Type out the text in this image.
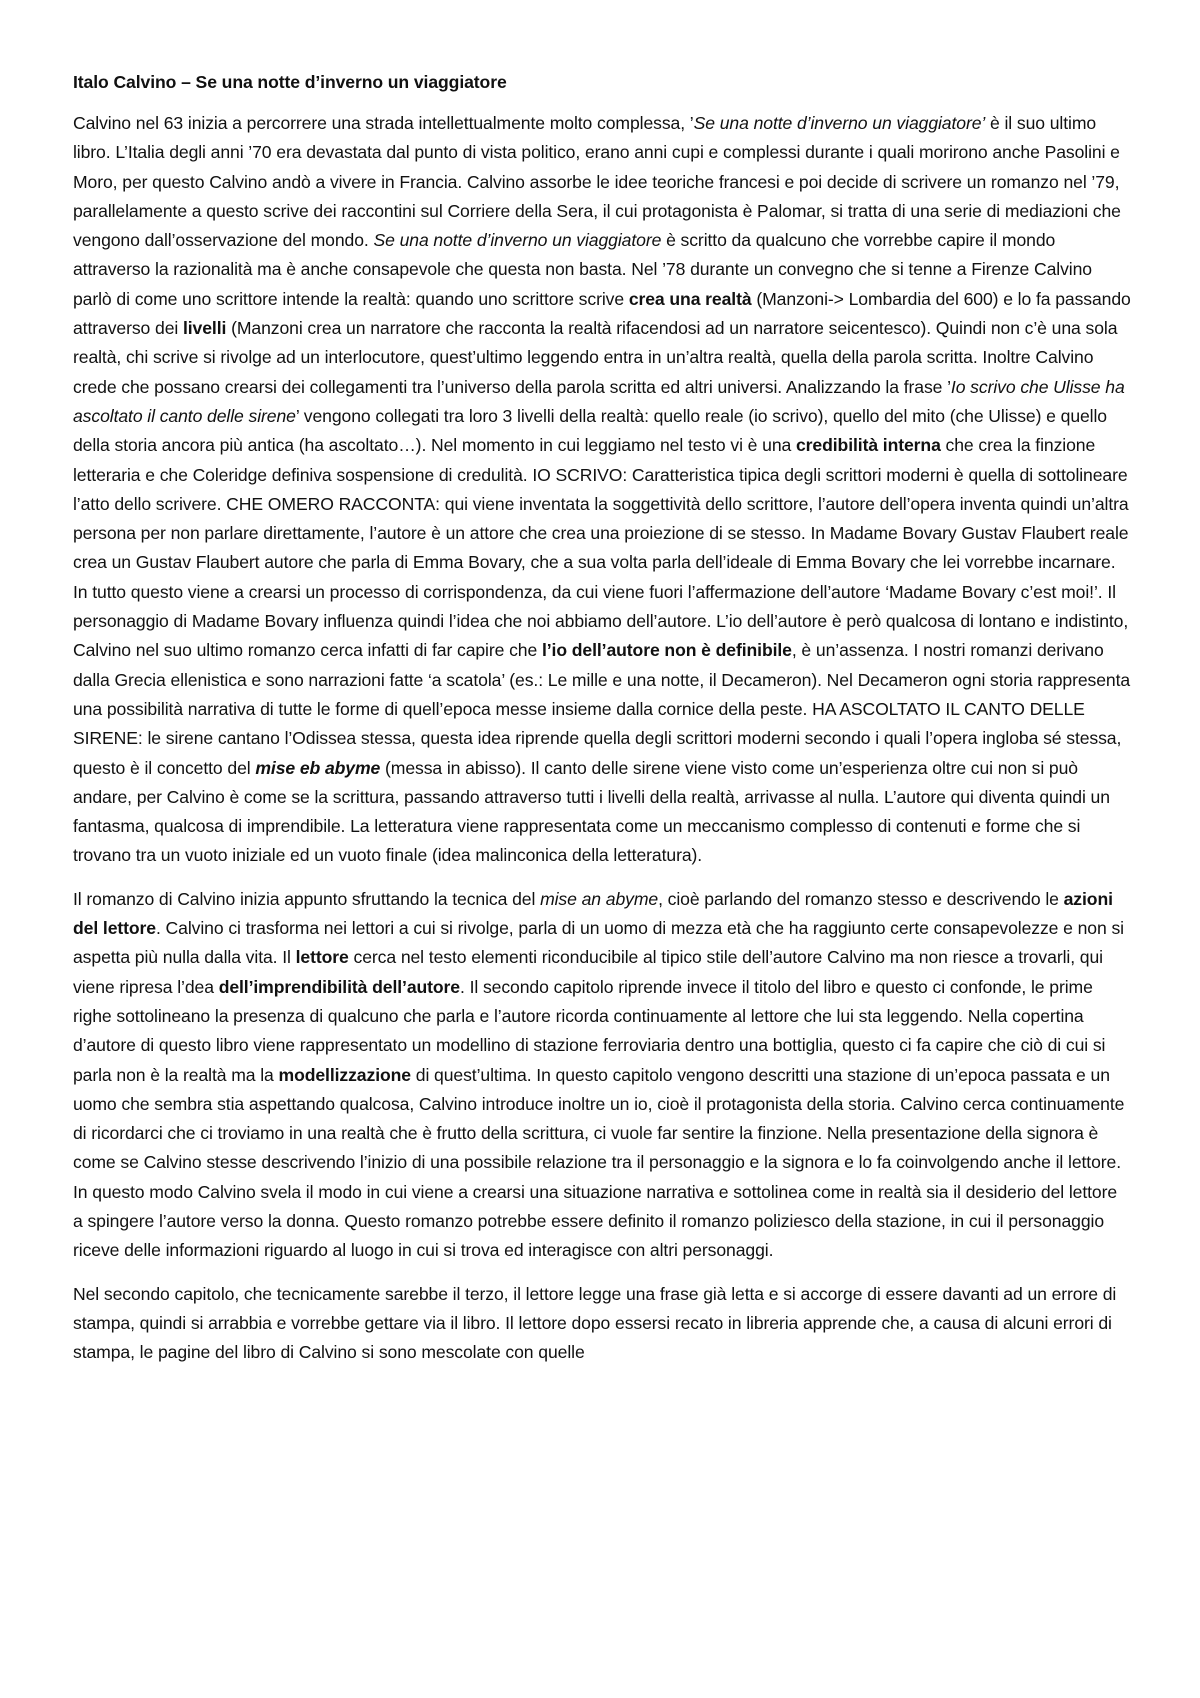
Italo Calvino – Se una notte d’inverno un viaggiatore

Calvino nel 63 inizia a percorrere una strada intellettualmente molto complessa, ’Se una notte d’inverno un viaggiatore’ è il suo ultimo libro. L’Italia degli anni ’70 era devastata dal punto di vista politico, erano anni cupi e complessi durante i quali morirono anche Pasolini e Moro, per questo Calvino andò a vivere in Francia. Calvino assorbe le idee teoriche francesi e poi decide di scrivere un romanzo nel ’79, parallelamente a questo scrive dei raccontini sul Corriere della Sera, il cui protagonista è Palomar, si tratta di una serie di mediazioni che vengono dall’osservazione del mondo. Se una notte d’inverno un viaggiatore è scritto da qualcuno che vorrebbe capire il mondo attraverso la razionalità ma è anche consapevole che questa non basta. Nel ’78 durante un convegno che si tenne a Firenze Calvino parlò di come uno scrittore intende la realtà: quando uno scrittore scrive crea una realtà (Manzoni-> Lombardia del 600) e lo fa passando attraverso dei livelli (Manzoni crea un narratore che racconta la realtà rifacendosi ad un narratore seicentesco). Quindi non c’è una sola realtà, chi scrive si rivolge ad un interlocutore, quest’ultimo leggendo entra in un’altra realtà, quella della parola scritta. Inoltre Calvino crede che possano crearsi dei collegamenti tra l’universo della parola scritta ed altri universi. Analizzando la frase ’Io scrivo che Ulisse ha ascoltato il canto delle sirene’ vengono collegati tra loro 3 livelli della realtà: quello reale (io scrivo), quello del mito (che Ulisse) e quello della storia ancora più antica (ha ascoltato…). Nel momento in cui leggiamo nel testo vi è una credibilità interna che crea la finzione letteraria e che Coleridge definiva sospensione di credulità. IO SCRIVO: Caratteristica tipica degli scrittori moderni è quella di sottolineare l’atto dello scrivere. CHE OMERO RACCONTA: qui viene inventata la soggettività dello scrittore, l’autore dell’opera inventa quindi un’altra persona per non parlare direttamente, l’autore è un attore che crea una proiezione di se stesso. In Madame Bovary Gustav Flaubert reale crea un Gustav Flaubert autore che parla di Emma Bovary, che a sua volta parla dell’ideale di Emma Bovary che lei vorrebbe incarnare. In tutto questo viene a crearsi un processo di corrispondenza, da cui viene fuori l’affermazione dell’autore ‘Madame Bovary c’est moi!’. Il personaggio di Madame Bovary influenza quindi l’idea che noi abbiamo dell’autore. L’io dell’autore è però qualcosa di lontano e indistinto, Calvino nel suo ultimo romanzo cerca infatti di far capire che l’io dell’autore non è definibile, è un’assenza. I nostri romanzi derivano dalla Grecia ellenistica e sono narrazioni fatte ‘a scatola’ (es.: Le mille e una notte, il Decameron). Nel Decameron ogni storia rappresenta una possibilità narrativa di tutte le forme di quell’epoca messe insieme dalla cornice della peste. HA ASCOLTATO IL CANTO DELLE SIRENE: le sirene cantano l’Odissea stessa, questa idea riprende quella degli scrittori moderni secondo i quali l’opera ingloba sé stessa, questo è il concetto del mise eb abyme (messa in abisso). Il canto delle sirene viene visto come un’esperienza oltre cui non si può andare, per Calvino è come se la scrittura, passando attraverso tutti i livelli della realtà, arrivasse al nulla. L’autore qui diventa quindi un fantasma, qualcosa di imprendibile. La letteratura viene rappresentata come un meccanismo complesso di contenuti e forme che si trovano tra un vuoto iniziale ed un vuoto finale (idea malinconica della letteratura).

Il romanzo di Calvino inizia appunto sfruttando la tecnica del mise an abyme, cioè parlando del romanzo stesso e descrivendo le azioni del lettore. Calvino ci trasforma nei lettori a cui si rivolge, parla di un uomo di mezza età che ha raggiunto certe consapevolezze e non si aspetta più nulla dalla vita. Il lettore cerca nel testo elementi riconducibile al tipico stile dell’autore Calvino ma non riesce a trovarli, qui viene ripresa l’dea dell’imprendibilità dell’autore. Il secondo capitolo riprende invece il titolo del libro e questo ci confonde, le prime righe sottolineano la presenza di qualcuno che parla e l’autore ricorda continuamente al lettore che lui sta leggendo. Nella copertina d’autore di questo libro viene rappresentato un modellino di stazione ferroviaria dentro una bottiglia, questo ci fa capire che ciò di cui si parla non è la realtà ma la modellizzazione di quest’ultima. In questo capitolo vengono descritti una stazione di un’epoca passata e un uomo che sembra stia aspettando qualcosa, Calvino introduce inoltre un io, cioè il protagonista della storia. Calvino cerca continuamente di ricordarci che ci troviamo in una realtà che è frutto della scrittura, ci vuole far sentire la finzione. Nella presentazione della signora è come se Calvino stesse descrivendo l’inizio di una possibile relazione tra il personaggio e la signora e lo fa coinvolgendo anche il lettore. In questo modo Calvino svela il modo in cui viene a crearsi una situazione narrativa e sottolinea come in realtà sia il desiderio del lettore a spingere l’autore verso la donna. Questo romanzo potrebbe essere definito il romanzo poliziesco della stazione, in cui il personaggio riceve delle informazioni riguardo al luogo in cui si trova ed interagisce con altri personaggi.

Nel secondo capitolo, che tecnicamente sarebbe il terzo, il lettore legge una frase già letta e si accorge di essere davanti ad un errore di stampa, quindi si arrabbia e vorrebbe gettare via il libro. Il lettore dopo essersi recato in libreria apprende che, a causa di alcuni errori di stampa, le pagine del libro di Calvino si sono mescolate con quelle
